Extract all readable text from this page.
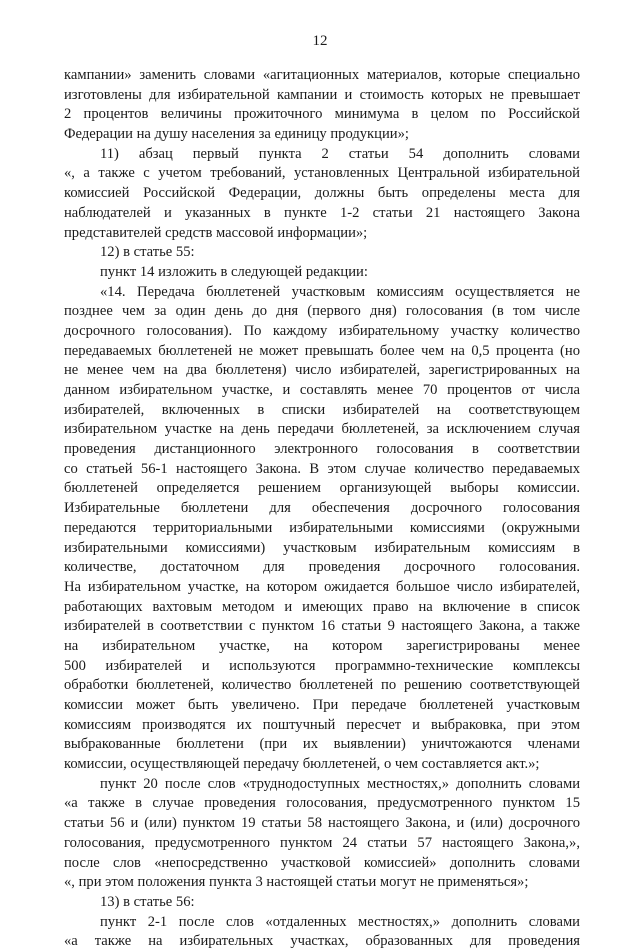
12
кампании» заменить словами «агитационных материалов, которые специально
изготовлены для избирательной кампании и стоимость которых не превышает
2 процентов величины прожиточного минимума в целом по Российской
Федерации на душу населения за единицу продукции»;
11) абзац первый пункта 2 статьи 54 дополнить словами
«, а также с учетом требований, установленных Центральной избирательной
комиссией Российской Федерации, должны быть определены места для
наблюдателей и указанных в пункте 1-2 статьи 21 настоящего Закона
представителей средств массовой информации»;
12) в статье 55:
пункт 14 изложить в следующей редакции:
«14. Передача бюллетеней участковым комиссиям осуществляется не
позднее чем за один день до дня (первого дня) голосования (в том числе
досрочного голосования). По каждому избирательному участку количество
передаваемых бюллетеней не может превышать более чем на 0,5 процента (но
не менее чем на два бюллетеня) число избирателей, зарегистрированных на
данном избирательном участке, и составлять менее 70 процентов от числа
избирателей, включенных в списки избирателей на соответствующем
избирательном участке на день передачи бюллетеней, за исключением случая
проведения дистанционного электронного голосования в соответствии
со статьей 56-1 настоящего Закона. В этом случае количество передаваемых
бюллетеней определяется решением организующей выборы комиссии.
Избирательные бюллетени для обеспечения досрочного голосования
передаются территориальными избирательными комиссиями (окружными
избирательными комиссиями) участковым избирательным комиссиям в
количестве, достаточном для проведения досрочного голосования.
На избирательном участке, на котором ожидается большое число избирателей,
работающих вахтовым методом и имеющих право на включение в список
избирателей в соответствии с пунктом 16 статьи 9 настоящего Закона, а также
на избирательном участке, на котором зарегистрированы менее
500 избирателей и используются программно-технические комплексы
обработки бюллетеней, количество бюллетеней по решению соответствующей
комиссии может быть увеличено. При передаче бюллетеней участковым
комиссиям производятся их поштучный пересчет и выбраковка, при этом
выбракованные бюллетени (при их выявлении) уничтожаются членами
комиссии, осуществляющей передачу бюллетеней, о чем составляется акт.»;
пункт 20 после слов «труднодоступных местностях,» дополнить словами
«а также в случае проведения голосования, предусмотренного пунктом 15
статьи 56 и (или) пунктом 19 статьи 58 настоящего Закона, и (или) досрочного
голосования, предусмотренного пунктом 24 статьи 57 настоящего Закона,»,
после слов «непосредственно участковой комиссией» дополнить словами
«, при этом положения пункта 3 настоящей статьи могут не применяться»;
13) в статье 56:
пункт 2-1 после слов «отдаленных местностях,» дополнить словами
«а также на избирательных участках, образованных для проведения
